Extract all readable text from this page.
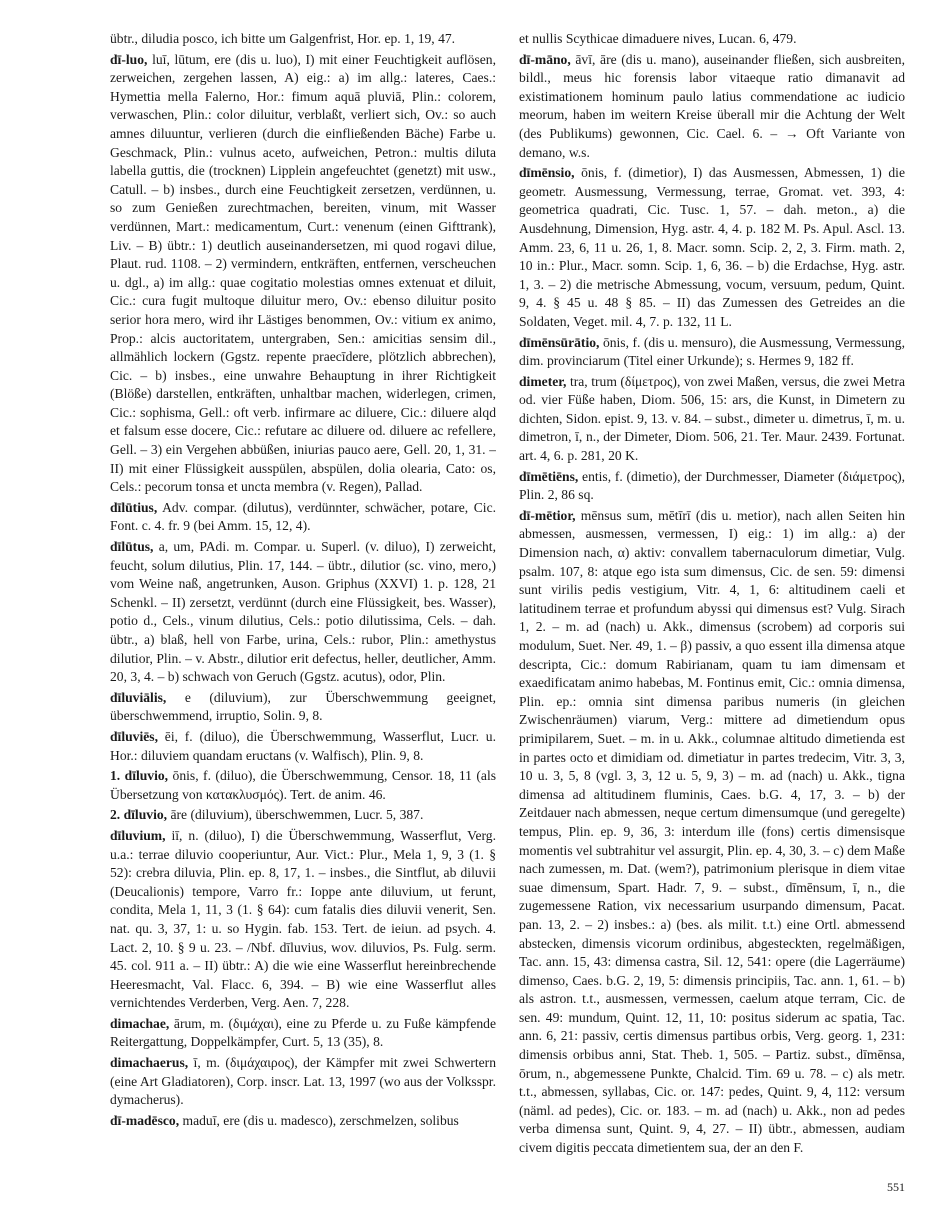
übtr., diludia posco, ich bitte um Galgenfrist, Hor. ep. 1, 19, 47.

dī-luo, luī, lūtum, ere (dis u. luo), I) mit einer Feuchtigkeit auflösen, zerweichen, zergehen lassen, A) eig.: a) im allg.: lateres, Caes.: Hymettia mella Falerno, Hor.: fimum aquā pluviā, Plin.: colorem, verwaschen, Plin.: color diluitur, verblaßt, verliert sich, Ov.: so auch amnes diluuntur, verlieren (durch die einfließenden Bäche) Farbe u. Geschmack, Plin.: vulnus aceto, aufweichen, Petron.: multis diluta labella guttis, die (trocknen) Lipplein angefeuchtet (genetzt) mit usw., Catull. – b) insbes., durch eine Feuchtigkeit zersetzen, verdünnen, u. so zum Genießen zurechtmachen, bereiten, vinum, mit Wasser verdünnen, Mart.: medicamentum, Curt.: venenum (einen Gifttrank), Liv. – B) übtr.: 1) deutlich auseinandersetzen, mi quod rogavi dilue, Plaut. rud. 1108. – 2) vermindern, entkräften, entfernen, verscheuchen u. dgl., a) im allg.: quae cogitatio molestias omnes extenuat et diluit, Cic.: cura fugit multoque diluitur mero, Ov.: ebenso diluitur posito serior hora mero, wird ihr Lästiges benommen, Ov.: vitium ex animo, Prop.: alcis auctoritatem, untergraben, Sen.: amicitias sensim dil., allmählich lockern (Ggstz. repente praecīdere, plötzlich abbrechen), Cic. – b) insbes., eine unwahre Behauptung in ihrer Richtigkeit (Blöße) darstellen, entkräften, unhaltbar machen, widerlegen, crimen, Cic.: sophisma, Gell.: oft verb. infirmare ac diluere, Cic.: diluere alqd et falsum esse docere, Cic.: refutare ac diluere od. diluere ac refellere, Gell. – 3) ein Vergehen abbüßen, iniurias pauco aere, Gell. 20, 1, 31. – II) mit einer Flüssigkeit ausspülen, abspülen, dolia olearia, Cato: os, Cels.: pecorum tonsa et uncta membra (v. Regen), Pallad.

dīlūtius, Adv. compar. (dilutus), verdünnter, schwächer, potare, Cic. Font. c. 4. fr. 9 (bei Amm. 15, 12, 4).

dīlūtus, a, um, PAdi. m. Compar. u. Superl. (v. diluo), I) zerweicht, feucht, solum dilutius, Plin. 17, 144. – übtr., dilutior (sc. vino, mero,) vom Weine naß, angetrunken, Auson. Griphus (XXVI) 1. p. 128, 21 Schenkl. – II) zersetzt, verdünnt (durch eine Flüssigkeit, bes. Wasser), potio d., Cels., vinum dilutius, Cels.: potio dilutissima, Cels. – dah. übtr., a) blaß, hell von Farbe, urina, Cels.: rubor, Plin.: amethystus dilutior, Plin. – v. Abstr., dilutior erit defectus, heller, deutlicher, Amm. 20, 3, 4. – b) schwach von Geruch (Ggstz. acutus), odor, Plin.

dīluviālis, e (diluvium), zur Überschwemmung geeignet, überschwemmend, irruptio, Solin. 9, 8.

dīluviēs, ēi, f. (diluo), die Überschwemmung, Wasserflut, Lucr. u. Hor.: diluviem quandam eructans (v. Walfisch), Plin. 9, 8.

1. dīluvio, ōnis, f. (diluo), die Überschwemmung, Censor. 18, 11 (als Übersetzung von κατακλυσμός). Tert. de anim. 46.

2. dīluvio, āre (diluvium), überschwemmen, Lucr. 5, 387.

dīluvium, iī, n. (diluo), I) die Überschwemmung, Wasserflut, Verg. u.a.: terrae diluvio cooperiuntur, Aur. Vict.: Plur., Mela 1, 9, 3 (1. § 52): crebra diluvia, Plin. ep. 8, 17, 1. – insbes., die Sintflut, ab diluvii (Deucalionis) tempore, Varro fr.: Ioppe ante diluvium, ut ferunt, condita, Mela 1, 11, 3 (1. § 64): cum fatalis dies diluvii venerit, Sen. nat. qu. 3, 37, 1: u. so Hygin. fab. 153. Tert. de ieiun. ad psych. 4. Lact. 2, 10. § 9 u. 23. – /Nbf. dīluvius, wov. diluvios, Ps. Fulg. serm. 45. col. 911 a. – II) übtr.: A) die wie eine Wasserflut hereinbrechende Heeresmacht, Val. Flacc. 6, 394. – B) wie eine Wasserflut alles vernichtendes Verderben, Verg. Aen. 7, 228.

dimachae, ārum, m. (διμάχαι), eine zu Pferde u. zu Fuße kämpfende Reitergattung, Doppelkämpfer, Curt. 5, 13 (35), 8.

dimachaerus, ī, m. (διμάχαιρος), der Kämpfer mit zwei Schwertern (eine Art Gladiatoren), Corp. inscr. Lat. 13, 1997 (wo aus der Volksspr. dymacherus).

dī-madēsco, maduī, ere (dis u. madesco), zerschmelzen, solibus

et nullis Scythicae dimaduere nives, Lucan. 6, 479.

dī-māno, āvī, āre (dis u. mano), auseinander fließen, sich ausbreiten, bildl., meus hic forensis labor vitaeque ratio dimanavit ad existimationem hominum paulo latius commendatione ac iudicio meorum, haben im weitern Kreise überall mir die Achtung der Welt (des Publikums) gewonnen, Cic. Cael. 6. – → Oft Variante von demano, w.s.

dīmēnsio, ōnis, f. (dimetior), I) das Ausmessen, Abmessen, 1) die geometr. Ausmessung, Vermessung, terrae, Gromat. vet. 393, 4: geometrica quadrati, Cic. Tusc. 1, 57. – dah. meton., a) die Ausdehnung, Dimension, Hyg. astr. 4, 4. p. 182 M. Ps. Apul. Ascl. 13. Amm. 23, 6, 11 u. 26, 1, 8. Macr. somn. Scip. 2, 2, 3. Firm. math. 2, 10 in.: Plur., Macr. somn. Scip. 1, 6, 36. – b) die Erdachse, Hyg. astr. 1, 3. – 2) die metrische Abmessung, vocum, versuum, pedum, Quint. 9, 4. § 45 u. 48 § 85. – II) das Zumessen des Getreides an die Soldaten, Veget. mil. 4, 7. p. 132, 11 L.

dīmēnsūrātio, ōnis, f. (dis u. mensuro), die Ausmessung, Vermessung, dim. provinciarum (Titel einer Urkunde); s. Hermes 9, 182 ff.

dimeter, tra, trum (δίμετρος), von zwei Maßen, versus, die zwei Metra od. vier Füße haben, Diom. 506, 15: ars, die Kunst, in Dimetern zu dichten, Sidon. epist. 9, 13. v. 84. – subst., dimeter u. dimetrus, ī, m. u. dimetron, ī, n., der Dimeter, Diom. 506, 21. Ter. Maur. 2439. Fortunat. art. 4, 6. p. 281, 20 K.

dīmētiēns, entis, f. (dimetio), der Durchmesser, Diameter (διάμετρος), Plin. 2, 86 sq.

dī-mētior, mēnsus sum, mētīrī (dis u. metior), nach allen Seiten hin abmessen, ausmessen, vermessen, I) eig.: 1) im allg.: a) der Dimension nach, α) aktiv: convallem tabernaculorum dimetiar, Vulg. psalm. 107, 8: atque ego ista sum dimensus, Cic. de sen. 59: dimensi sunt virilis pedis vestigium, Vitr. 4, 1, 6: altitudinem caeli et latitudinem terrae et profundum abyssi qui dimensus est? Vulg. Sirach 1, 2. – m. ad (nach) u. Akk., dimensus (scrobem) ad corporis sui modulum, Suet. Ner. 49, 1. – β) passiv, a quo essent illa dimensa atque descripta, Cic.: domum Rabirianam, quam tu iam dimensam et exaedificatam animo habebas, M. Fontinus emit, Cic.: omnia dimensa, Plin. ep.: omnia sint dimensa paribus numeris (in gleichen Zwischenräumen) viarum, Verg.: mittere ad dimetiendum opus primipilarem, Suet. – m. in u. Akk., columnae altitudo dimetienda est in partes octo et dimidiam od. dimetiatur in partes tredecim, Vitr. 3, 3, 10 u. 3, 5, 8 (vgl. 3, 3, 12 u. 5, 9, 3) – m. ad (nach) u. Akk., tigna dimensa ad altitudinem fluminis, Caes. b.G. 4, 17, 3. – b) der Zeitdauer nach abmessen, neque certum dimensumque (und geregelte) tempus, Plin. ep. 9, 36, 3: interdum ille (fons) certis dimensisque momentis vel subtrahitur vel assurgit, Plin. ep. 4, 30, 3. – c) dem Maße nach zumessen, m. Dat. (wem?), patrimonium plerisque in diem vitae suae dimensum, Spart. Hadr. 7, 9. – subst., dīmēnsum, ī, n., die zugemessene Ration, vix necessarium usurpando dimensum, Pacat. pan. 13, 2. – 2) insbes.: a) (bes. als milit. t.t.) eine Ortl. abmessend abstecken, dimensis vicorum ordinibus, abgesteckten, regelmäßigen, Tac. ann. 15, 43: dimensa castra, Sil. 12, 541: opere (die Lagerräume) dimenso, Caes. b.G. 2, 19, 5: dimensis principiis, Tac. ann. 1, 61. – b) als astron. t.t., ausmessen, vermessen, caelum atque terram, Cic. de sen. 49: mundum, Quint. 12, 11, 10: positus siderum ac spatia, Tac. ann. 6, 21: passiv, certis dimensus partibus orbis, Verg. georg. 1, 231: dimensis orbibus anni, Stat. Theb. 1, 505. – Partiz. subst., dīmēnsa, ōrum, n., abgemessene Punkte, Chalcid. Tim. 69 u. 78. – c) als metr. t.t., abmessen, syllabas, Cic. or. 147: pedes, Quint. 9, 4, 112: versum (näml. ad pedes), Cic. or. 183. – m. ad (nach) u. Akk., non ad pedes verba dimensa sunt, Quint. 9, 4, 27. – II) übtr., abmessen, audiam civem digitis peccata dimetientem sua, der an den F.

551
